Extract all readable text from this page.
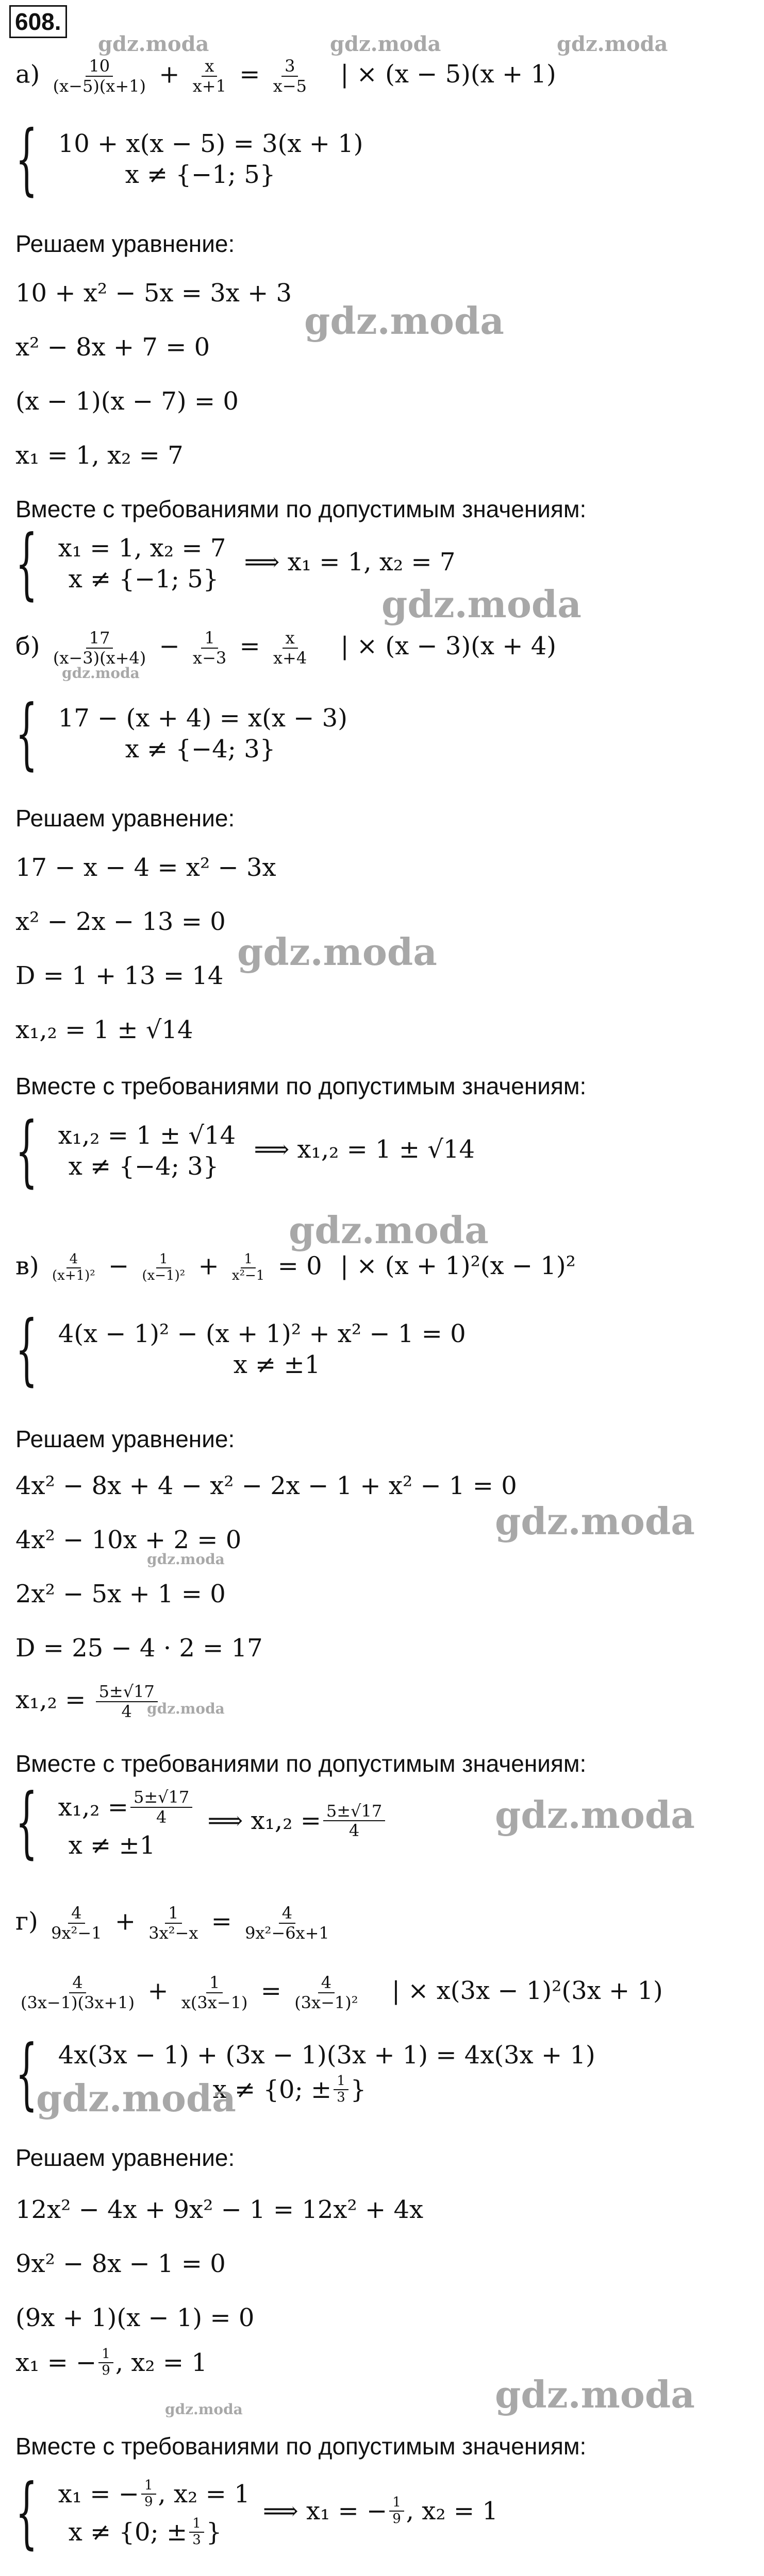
608.
$а) \frac{10}{(x-5)(x+1)} + \frac{x}{x+1} = \frac{3}{x-5}$ | × (x − 5)(x + 1)
{ 10 + x(x − 5) = 3(x + 1)
x ≠ {−1; 5}
Решаем уравнение:
10 + x² − 5x = 3x + 3
x² − 8x + 7 = 0
(x − 1)(x − 7) = 0
x₁ = 1, x₂ = 7
Вместе с требованиями по допустимым значениям:
{ x₁ = 1, x₂ = 7
x ≠ {−1; 5}
⟹ x₁ = 1, x₂ = 7
$б) \frac{17}{(x-3)(x+4)} - \frac{1}{x-3} = \frac{x}{x+4}$ | × (x − 3)(x + 4)
{ 17 − (x + 4) = x(x − 3)
x ≠ {−4; 3}
Решаем уравнение:
17 − x − 4 = x² − 3x
x² − 2x − 13 = 0
D = 1 + 13 = 14
x₁,₂ = 1 ± √14
Вместе с требованиями по допустимым значениям:
{ x₁,₂ = 1 ± √14
x ≠ {−4; 3}
⟹ x₁,₂ = 1 ± √14
$в) \frac{4}{\text{(x+1)²}} - \frac{1}{\text{(x−1)²}} + \frac{1}{\text{x²−1}} = 0$ | × (x + 1)²(x − 1)²
{ 4(x − 1)² − (x + 1)² + x² − 1 = 0
x ≠ ±1
Решаем уравнение:
4x² − 8x + 4 − x² − 2x − 1 + x² − 1 = 0
4x² − 10x + 2 = 0
2x² − 5x + 1 = 0
D = 25 − 4 · 2 = 17
$x_1,_2 = \frac{5\pm√17}{4}$
Вместе с требованиями по допустимым значениям:
{ $x_1,_2 = \frac{5\pm√17}{4}$
x ≠ ±1

⟹ $x_1,_2 = \frac{5\pm√17}{4}$
$г) \frac{4}{\text{9x²−1}} + \frac{1}{\text{3x²−x}} = \frac{4}{\text{9x²−6x+1}}$
$\frac{4}{(3x-1)(3x+1)} + \frac{1}{x(3x-1)} = \frac{4}{\text{(3x−1)²}}$ | × x(3x − 1)²(3x + 1)
{ 4x(3x − 1) + (3x − 1)(3x + 1) = 4x(3x + 1)
x ≠ {0; ± $\frac{1}{3}$ }
Решаем уравнение:
12x² − 4x + 9x² − 1 = 12x² + 4x
9x² − 8x − 1 = 0
(9x + 1)(x − 1) = 0
x₁ = − $\frac{1}{9}$ , x₂ = 1
Вместе с требованиями по допустимым значениям:
{ x₁ = − $\frac{1}{9}$ , x₂ = 1
x ≠ {0; ± $\frac{1}{3}$ }

⟹ x₁ = − $\frac{1}{9}$ , x₂ = 1
gdz.moda	gdz.moda	gdz.moda
gdz.moda
gdz.moda
gdz.moda
gdz.moda
gdz.moda
gdz.moda
gdz.moda
gdz.moda
gdz.moda
gdz.moda
gdz.moda
gdz.moda
